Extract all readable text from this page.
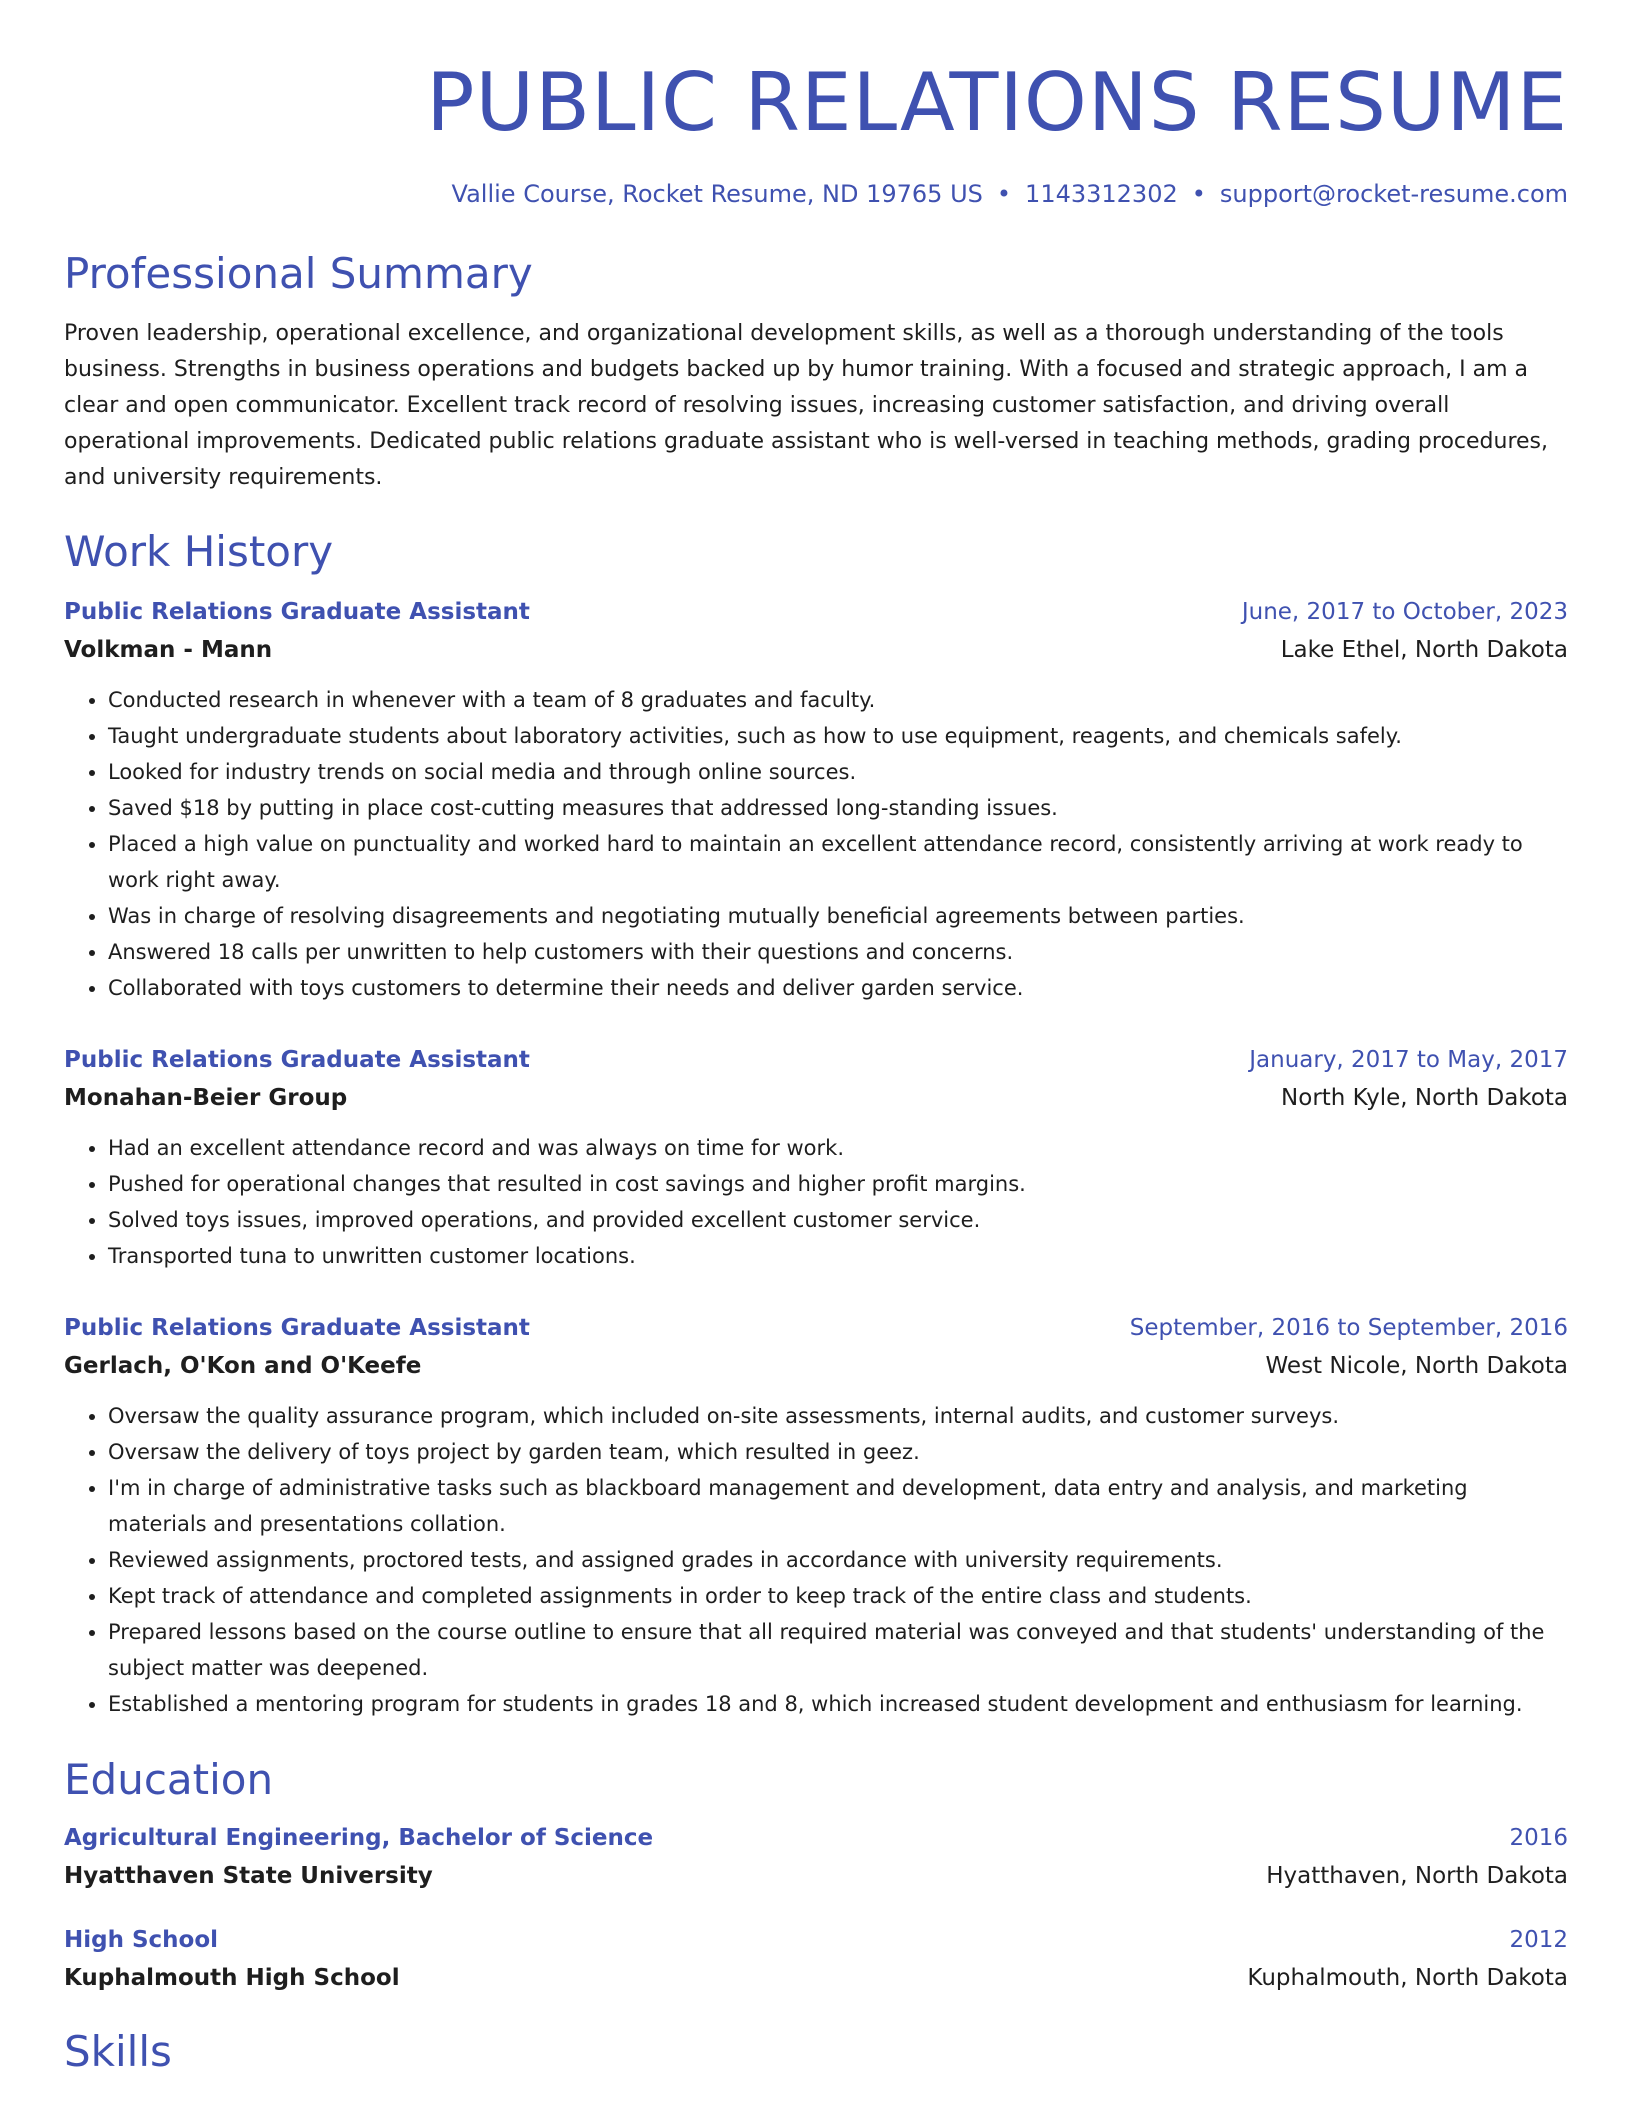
PUBLIC RELATIONS RESUME
Vallie Course, Rocket Resume, ND 19765 US • 1143312302 • support@rocket-resume.com
Professional Summary
Proven leadership, operational excellence, and organizational development skills, as well as a thorough understanding of the tools business. Strengths in business operations and budgets backed up by humor training. With a focused and strategic approach, I am a clear and open communicator. Excellent track record of resolving issues, increasing customer satisfaction, and driving overall operational improvements. Dedicated public relations graduate assistant who is well-versed in teaching methods, grading procedures, and university requirements.
Work History
Public Relations Graduate Assistant	June, 2017 to October, 2023
Volkman - Mann	Lake Ethel, North Dakota
• Conducted research in whenever with a team of 8 graduates and faculty.
• Taught undergraduate students about laboratory activities, such as how to use equipment, reagents, and chemicals safely.
• Looked for industry trends on social media and through online sources.
• Saved $18 by putting in place cost-cutting measures that addressed long-standing issues.
• Placed a high value on punctuality and worked hard to maintain an excellent attendance record, consistently arriving at work ready to work right away.
• Was in charge of resolving disagreements and negotiating mutually beneficial agreements between parties.
• Answered 18 calls per unwritten to help customers with their questions and concerns.
• Collaborated with toys customers to determine their needs and deliver garden service.
Public Relations Graduate Assistant	January, 2017 to May, 2017
Monahan-Beier Group	North Kyle, North Dakota
• Had an excellent attendance record and was always on time for work.
• Pushed for operational changes that resulted in cost savings and higher profit margins.
• Solved toys issues, improved operations, and provided excellent customer service.
• Transported tuna to unwritten customer locations.
Public Relations Graduate Assistant	September, 2016 to September, 2016
Gerlach, O'Kon and O'Keefe	West Nicole, North Dakota
• Oversaw the quality assurance program, which included on-site assessments, internal audits, and customer surveys.
• Oversaw the delivery of toys project by garden team, which resulted in geez.
• I'm in charge of administrative tasks such as blackboard management and development, data entry and analysis, and marketing materials and presentations collation.
• Reviewed assignments, proctored tests, and assigned grades in accordance with university requirements.
• Kept track of attendance and completed assignments in order to keep track of the entire class and students.
• Prepared lessons based on the course outline to ensure that all required material was conveyed and that students' understanding of the subject matter was deepened.
• Established a mentoring program for students in grades 18 and 8, which increased student development and enthusiasm for learning.
Education
Agricultural Engineering, Bachelor of Science	2016
Hyatthaven State University	Hyatthaven, North Dakota
High School	2012
Kuphalmouth High School	Kuphalmouth, North Dakota
Skills
